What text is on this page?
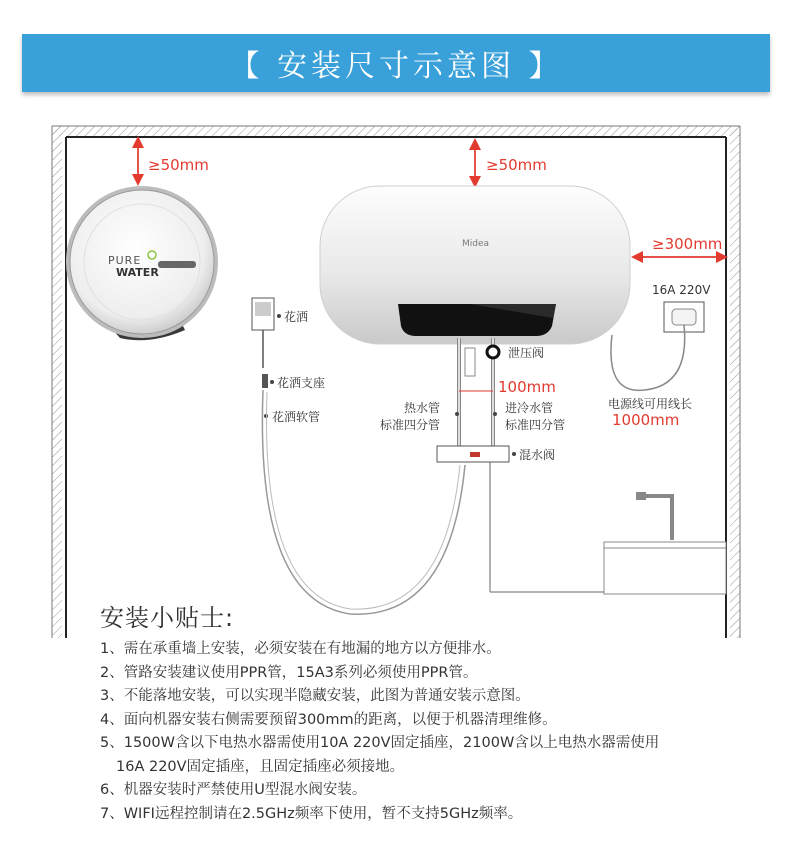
【 安装尺寸示意图 】
PURE
WATER
≥50mm	≥50mm
Midea	≥300mm
16A 220V
电源线可用线长
1000mm
花洒
花洒支座
花洒软管
泄压阀
100mm
热水管
标准四分管
进冷水管
标准四分管
混水阀
安装小贴士:
1、需在承重墙上安装，必须安装在有地漏的地方以方便排水。
2、管路安装建议使用PPR管，15A3系列必须使用PPR管。
3、不能落地安装，可以实现半隐藏安装，此图为普通安装示意图。
4、面向机器安装右侧需要预留300mm的距离，以便于机器清理维修。
5、1500W含以下电热水器需使用10A 220V固定插座，2100W含以上电热水器需使用
16A 220V固定插座，且固定插座必须接地。
6、机器安装时严禁使用U型混水阀安装。
7、WIFI远程控制请在2.5GHz频率下使用，暂不支持5GHz频率。
